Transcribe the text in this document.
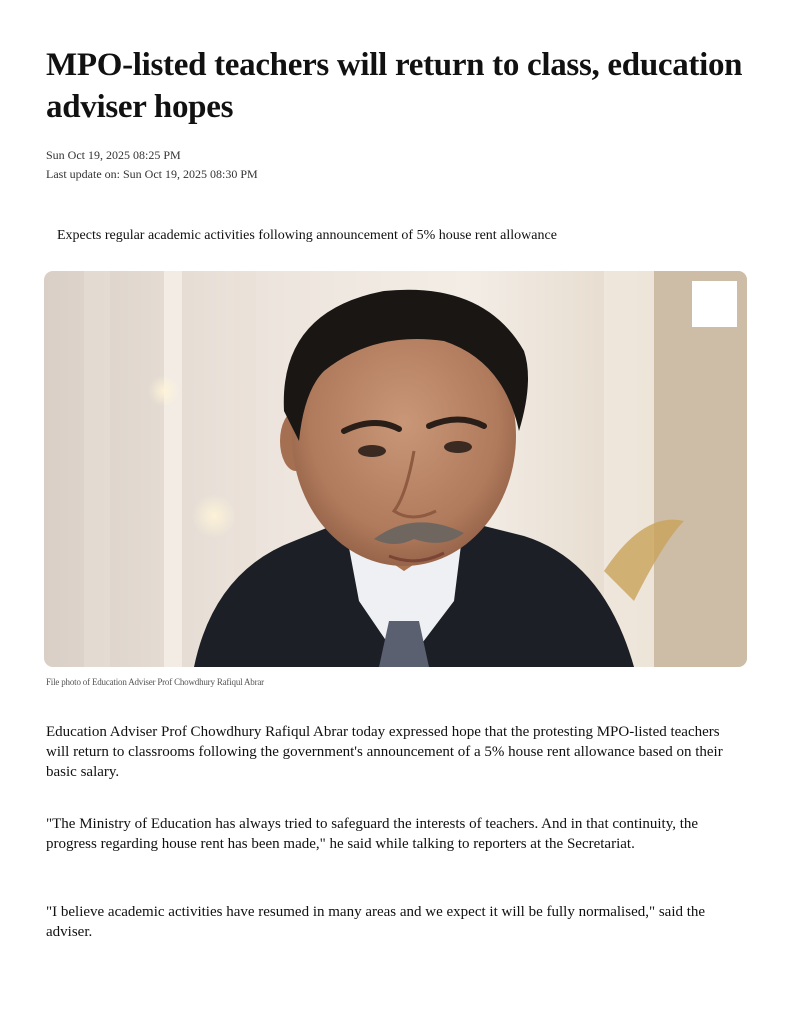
MPO-listed teachers will return to class, education adviser hopes
Sun Oct 19, 2025 08:25 PM
Last update on: Sun Oct 19, 2025 08:30 PM
Expects regular academic activities following announcement of 5% house rent allowance
File photo of Education Adviser Prof Chowdhury Rafiqul Abrar

Education Adviser Prof Chowdhury Rafiqul Abrar today expressed hope that the protesting MPO-listed teachers will return to classrooms following the government's announcement of a 5% house rent allowance based on their basic salary.

"The Ministry of Education has always tried to safeguard the interests of teachers. And in that continuity, the progress regarding house rent has been made," he said while talking to reporters at the Secretariat.

"I believe academic activities have resumed in many areas and we expect it will be fully normalised," said the adviser.
